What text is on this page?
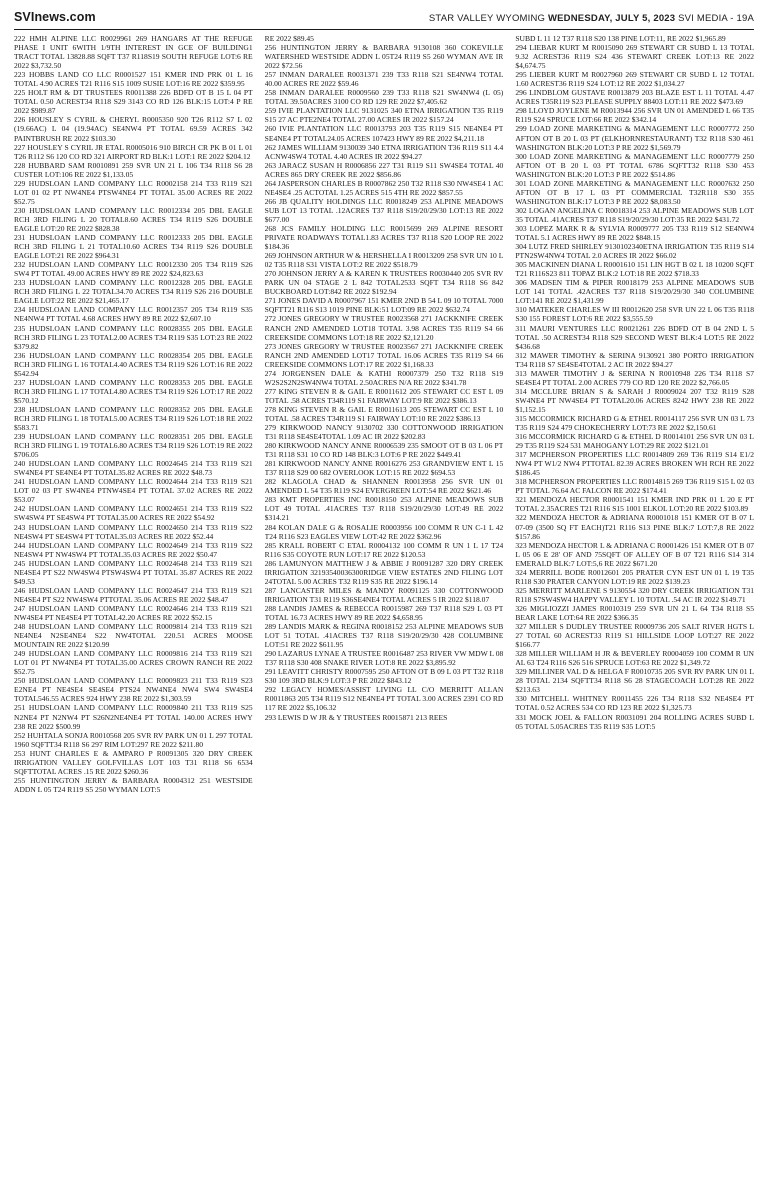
SVInews.com	STAR VALLEY WYOMING WEDNESDAY, JULY 5, 2023 SVI MEDIA - 19A

222 HMH ALPINE LLC R0029961 269 HANGARS AT THE REFUGE PHASE I UNIT 6WITH 1/9TH INTEREST IN GCE OF BUILDING1 TRACT TOTAL 13828.88 SQFT T37 R118S19 SOUTH REFUGE LOT:6 RE 2022 $3,732.50

223 HOBBS LAND CO LLC R0001527 151 KMER IND PRK 01 L 16 TOTAL 4.90 ACRES T21 R116 S15 1009 SUSIE LOT:16 RE 2022 $359.95

225 HOLT RM & DT TRUSTEES R0011388 226 BDFD OT B 15 L 04 PT TOTAL 0.50 ACREST34 R118 S29 3143 CO RD 126 BLK:15 LOT:4 P RE 2022 $989.87

226 HOUSLEY S CYRIL & CHERYL R0005350 920 T26 R112 S7 L 02 (19.66AC) L 04 (19.94AC) SE4NW4 PT TOTAL 69.59 ACRES 342 PAINTBRUSH RE 2022 $103.30

227 HOUSLEY S CYRIL JR ETAL R0005016 910 BIRCH CR PK B 01 L 01 T26 R112 S6 120 CO RD 321 AIRPORT RD BLK:1 LOT:1 RE 2022 $204.12

228 HUBBARD SAM R0010891 259 SVR UN 21 L 106 T34 R118 S6 28 CUSTER LOT:106 RE 2022 $1,133.05

229 HUDSLOAN LAND COMPANY LLC R0002158 214 T33 R119 S21 LOT 01 02 PT NW4NE4 PTSW4NE4 PT TOTAL 35.00 ACRES RE 2022 $52.75

230 HUDSLOAN LAND COMPANY LLC R0012334 205 DBL EAGLE RCH 3RD FILING L 20 TOTAL8.60 ACRES T34 R119 S26 DOUBLE EAGLE LOT:20 RE 2022 $828.38

231 HUDSLOAN LAND COMPANY LLC R0012333 205 DBL EAGLE RCH 3RD FILING L 21 TOTAL10.60 ACRES T34 R119 S26 DOUBLE EAGLE LOT:21 RE 2022 $964.31

232 HUDSLOAN LAND COMPANY LLC R0012330 205 T34 R119 S26 SW4 PT TOTAL 49.00 ACRES HWY 89 RE 2022 $24,823.63

233 HUDSLOAN LAND COMPANY LLC R0012328 205 DBL EAGLE RCH 3RD FILING L 22 TOTAL34.70 ACRES T34 R119 S26 216 DOUBLE EAGLE LOT:22 RE 2022 $21,465.17

234 HUDSLOAN LAND COMPANY LLC R0012357 205 T34 R119 S35 NE4NW4 PT TOTAL 4.68 ACRES HWY 89 RE 2022 $2,607.10

235 HUDSLOAN LAND COMPANY LLC R0028355 205 DBL EAGLE RCH 3RD FILING L 23 TOTAL2.00 ACRES T34 R119 S35 LOT:23 RE 2022 $379.82

236 HUDSLOAN LAND COMPANY LLC R0028354 205 DBL EAGLE RCH 3RD FILING L 16 TOTAL4.40 ACRES T34 R119 S26 LOT:16 RE 2022 $542.94

237 HUDSLOAN LAND COMPANY LLC R0028353 205 DBL EAGLE RCH 3RD FILING L 17 TOTAL4.80 ACRES T34 R119 S26 LOT:17 RE 2022 $570.12

238 HUDSLOAN LAND COMPANY LLC R0028352 205 DBL EAGLE RCH 3RD FILING L 18 TOTAL5.00 ACRES T34 R119 S26 LOT:18 RE 2022 $583.71

239 HUDSLOAN LAND COMPANY LLC R0028351 205 DBL EAGLE RCH 3RD FILING L 19 TOTAL6.80 ACRES T34 R119 S26 LOT:19 RE 2022 $706.05

240 HUDSLOAN LAND COMPANY LLC R0024645 214 T33 R119 S21 SW4NE4 PT SE4NE4 PT TOTAL35.82 ACRES RE 2022 $48.73

241 HUDSLOAN LAND COMPANY LLC R0024644 214 T33 R119 S21 LOT 02 03 PT SW4NE4 PTNW4SE4 PT TOTAL 37.02 ACRES RE 2022 $53.07

242 HUDSLOAN LAND COMPANY LLC R0024651 214 T33 R119 S22 SW4SW4 PT SE4SW4 PT TOTAL35.00 ACRES RE 2022 $54.92

243 HUDSLOAN LAND COMPANY LLC R0024650 214 T33 R119 S22 NE4SW4 PT SE4SW4 PT TOTAL35.03 ACRES RE 2022 $52.44

244 HUDSLOAN LAND COMPANY LLC R0024649 214 T33 R119 S22 NE4SW4 PT NW4SW4 PT TOTAL35.03 ACRES RE 2022 $50.47

245 HUDSLOAN LAND COMPANY LLC R0024648 214 T33 R119 S21 NE4SE4 PT S22 NW4SW4 PTSW4SW4 PT TOTAL 35.87 ACRES RE 2022 $49.53

246 HUDSLOAN LAND COMPANY LLC R0024647 214 T33 R119 S21 NE4SE4 PT S22 NW4SW4 PTTOTAL 35.06 ACRES RE 2022 $48.47

247 HUDSLOAN LAND COMPANY LLC R0024646 214 T33 R119 S21 NW4SE4 PT NE4SE4 PT TOTAL42.20 ACRES RE 2022 $52.15

248 HUDSLOAN LAND COMPANY LLC R0009814 214 T33 R119 S21 NE4NE4 N2SE4NE4 S22 NW4TOTAL 220.51 ACRES MOOSE MOUNTAIN RE 2022 $120.99

249 HUDSLOAN LAND COMPANY LLC R0009816 214 T33 R119 S21 LOT 01 PT NW4NE4 PT TOTAL35.00 ACRES CROWN RANCH RE 2022 $52.75

250 HUDSLOAN LAND COMPANY LLC R0009823 211 T33 R119 S23 E2NE4 PT NE4SE4 SE4SE4 PTS24 NW4NE4 NW4 SW4 SW4SE4 TOTAL546.55 ACRES 924 HWY 238 RE 2022 $1,303.59

251 HUDSLOAN LAND COMPANY LLC R0009840 211 T33 R119 S25 N2NE4 PT N2NW4 PT S26N2NE4NE4 PT TOTAL 140.00 ACRES HWY 238 RE 2022 $500.99

252 HUHTALA SONJA R0010568 205 SVR RV PARK UN 01 L 297 TOTAL 1960 SQFTT34 R118 S6 297 RIM LOT:297 RE 2022 $211.80

253 HUNT CHARLES E & AMPARO P R0091305 320 DRY CREEK IRRIGATION VALLEY GOLFVILLAS LOT 103 T31 R118 S6 6534 SQFTTOTAL ACRES .15 RE 2022 $260.36

255 HUNTINGTON JERRY & BARBARA R0004312 251 WESTSIDE ADDN L 05 T24 R119 S5 250 WYMAN LOT:5

RE 2022 $89.45

256 HUNTINGTON JERRY & BARBARA 9130108 360 COKEVILLE WATERSHED WESTSIDE ADDN L 05T24 R119 S5 260 WYMAN AVE IR 2022 $72.56

257 INMAN DARALEE R0031371 239 T33 R118 S21 SE4NW4 TOTAL 40.00 ACRES RE 2022 $59.46

258 INMAN DARALEE R0009560 239 T33 R118 S21 SW4NW4 (L 05) TOTAL 39.50ACRES 3100 CO RD 129 RE 2022 $7,405.62

259 IVIE PLANTATION LLC 9131025 340 ETNA IRRIGATION T35 R119 S15 27 AC PTE2NE4 TOTAL 27.00 ACRES IR 2022 $157.24

260 IVIE PLANTATION LLC R0013793 203 T35 R119 S15 NE4NE4 PT SE4NE4 PT TOTAL24.05 ACRES 107423 HWY 89 RE 2022 $4,211.18

262 JAMES WILLIAM 9130039 340 ETNA IRRIGATION T36 R119 S11 4.4 ACNW4SW4 TOTAL 4.40 ACRES IR 2022 $94.27

263 JARACZ SUSAN H R0006856 227 T31 R119 S11 SW4SE4 TOTAL 40 ACRES 865 DRY CREEK RE 2022 $856.86

264 JASPERSON CHARLES B R0007862 250 T32 R118 S30 NW4SE4 1 AC NE4SE4 .25 ACTOTAL 1.25 ACRES 515 4TH RE 2022 $857.55

266 JB QUALITY HOLDINGS LLC R0018249 253 ALPINE MEADOWS SUB LOT 13 TOTAL .12ACRES T37 R118 S19/20/29/30 LOT:13 RE 2022 $677.00

268 JCS FAMILY HOLDING LLC R0015699 269 ALPINE RESORT PRIVATE ROADWAYS TOTAL1.83 ACRES T37 R118 S20 LOOP RE 2022 $184.36

269 JOHNSON ARTHUR W & HERSHELLA I R0013209 258 SVR UN 10 L 02 T35 R118 S31 VISTA LOT:2 RE 2022 $518.79

270 JOHNSON JERRY A & KAREN K TRUSTEES R0030440 205 SVR RV PARK UN 04 STAGE 2 L 842 TOTAL2533 SQFT T34 R118 S6 842 BUCKBOARD LOT:842 RE 2022 $192.94

271 JONES DAVID A R0007967 151 KMER 2ND B 54 L 09 10 TOTAL 7000 SQFTT21 R116 S13 1019 PINE BLK:51 LOT:09 RE 2022 $632.74

272 JONES GREGORY W TRUSTEE R0023568 271 JACKKNIFE CREEK RANCH 2ND AMENDED LOT18 TOTAL 3.98 ACRES T35 R119 S4 66 CREEKSIDE COMMONS LOT:18 RE 2022 $2,121.20

273 JONES GREGORY W TRUSTEE R0023567 271 JACKKNIFE CREEK RANCH 2ND AMENDED LOT17 TOTAL 16.06 ACRES T35 R119 S4 66 CREEKSIDE COMMONS LOT:17 RE 2022 $1,168.33

274 JORGENSEN DALE & KATHI R0007379 250 T32 R118 S19 W2S2S2N2SW4NW4 TOTAL 2.50ACRES N/A RE 2022 $341.78

277 KING STEVEN R & GAIL E R0011612 205 STEWART CC EST L 09 TOTAL .58 ACRES T34R119 S1 FAIRWAY LOT:9 RE 2022 $386.13

278 KING STEVEN R & GAIL E R0011613 205 STEWART CC EST L 10 TOTAL .58 ACRES T34R119 S1 FAIRWAY LOT:10 RE 2022 $386.13

279 KIRKWOOD NANCY 9130702 330 COTTONWOOD IRRIGATION T31 R118 SE4SE4TOTAL 1.09 AC IR 2022 $202.83

280 KIRKWOOD NANCY ANNE R0006539 235 SMOOT OT B 03 L 06 PT T31 R118 S31 10 CO RD 148 BLK:3 LOT:6 P RE 2022 $449.41

281 KIRKWOOD NANCY ANNE R0016276 253 GRANDVIEW ENT L 15 T37 R118 S29 00 682 OVERLOOK LOT:15 RE 2022 $694.53

282 KLAGOLA CHAD & SHANNEN R0013958 256 SVR UN 01 AMENDED L 54 T35 R119 S24 EVERGREEN LOT:54 RE 2022 $621.46

283 KMT PROPERTIES INC R0018150 253 ALPINE MEADOWS SUB LOT 49 TOTAL .41ACRES T37 R118 S19/20/29/30 LOT:49 RE 2022 $314.21

284 KOLAN DALE G & ROSALIE R0003956 100 COMM R UN C-1 L 42 T24 R116 S23 EAGLES VIEW LOT:42 RE 2022 $362.96

285 KRALL ROBERT C ETAL R0004132 100 COMM R UN 1 L 17 T24 R116 S35 COYOTE RUN LOT:17 RE 2022 $120.53

286 LAMUNYON MATTHEW J & ABBIE J R0091287 320 DRY CREEK IRRIGATION 32193540036300RIDGE VIEW ESTATES 2ND FILING LOT 24TOTAL 5.00 ACRES T32 R119 S35 RE 2022 $196.14

287 LANCASTER MILES & MANDY R0091125 330 COTTONWOOD IRRIGATION T31 R119 S36SE4NE4 TOTAL ACRES 5 IR 2022 $118.07

288 LANDIS JAMES & REBECCA R0015987 269 T37 R118 S29 L 03 PT TOTAL 16.73 ACRES HWY 89 RE 2022 $4,658.95

289 LANDIS MARK & REGINA R0018152 253 ALPINE MEADOWS SUB LOT 51 TOTAL .41ACRES T37 R118 S19/20/29/30 428 COLUMBINE LOT:51 RE 2022 $611.95

290 LAZARUS LYNAE A TRUSTEE R0016487 253 RIVER VW MDW L 08 T37 R118 S30 408 SNAKE RIVER LOT:8 RE 2022 $3,895.92

291 LEAVITT CHRISTY R0007595 250 AFTON OT B 09 L 03 PT T32 R118 S30 109 3RD BLK:9 LOT:3 P RE 2022 $843.12

292 LEGACY HOMES/ASSIST LIVING LL C/O MERRITT ALLAN R0011863 205 T34 R119 S12 NE4NE4 PT TOTAL 3.00 ACRES 2391 CO RD 117 RE 2022 $5,106.32

293 LEWIS D W JR & Y TRUSTEES R0015871 213 REES

SUBD L 11 12 T37 R118 S20 138 PINE LOT:11, RE 2022 $1,965.89

294 LIEBAR KURT M R0015090 269 STEWART CR SUBD L 13 TOTAL 9.32 ACREST36 R119 S24 436 STEWART CREEK LOT:13 RE 2022 $4,674.75

295 LIEBER KURT M R0027960 269 STEWART CR SUBD L 12 TOTAL 1.60 ACREST36 R119 S24 LOT:12 RE 2022 $1,034.27

296 LINDBLOM GUSTAVE R0013879 203 BLAZE EST L 11 TOTAL 4.47 ACRES T35R119 S23 PLEASE SUPPLY 88403 LOT:11 RE 2022 $473.69

298 LLOYD JOYLENE M R0013944 256 SVR UN 01 AMENDED L 66 T35 R119 S24 SPRUCE LOT:66 RE 2022 $342.14

299 LOAD ZONE MARKETING & MANAGEMENT LLC R0007772 250 AFTON OT B 20 L 03 PT (ELKHORNRESTAURANT) T32 R118 S30 461 WASHINGTON BLK:20 LOT:3 P RE 2022 $1,569.79

300 LOAD ZONE MARKETING & MANAGEMENT LLC R0007779 250 AFTON OT B 20 L 03 PT TOTAL 6786 SQFTT32 R118 S30 453 WASHINGTON BLK:20 LOT:3 P RE 2022 $514.86

301 LOAD ZONE MARKETING & MANAGEMENT LLC R0007632 250 AFTON OT B 17 L 03 PT COMMERCIAL T32R118 S30 355 WASHINGTON BLK:17 LOT:3 P RE 2022 $8,083.50

302 LOGAN ANGELINA C R0018314 253 ALPINE MEADOWS SUB LOT 35 TOTAL .41ACRES T37 R118 S19/20/29/30 LOT:35 RE 2022 $431.72

303 LOPEZ MARK R & SYLVIA R0009777 205 T33 R119 S12 SE4NW4 TOTAL 5.1 ACRES HWY 89 RE 2022 $848.15

304 LUTZ FRED SHIRLEY 9130102340ETNA IRRIGATION T35 R119 S14 PTN2SW4NW4 TOTAL 2.0 ACRES IR 2022 $66.02

305 MACKINEN DIANA L R0001610 151 LIN HGT B 02 L 18 10200 SQFT T21 R116S23 811 TOPAZ BLK:2 LOT:18 RE 2022 $718.33

306 MADSEN TIM & PIPER R0018179 253 ALPINE MEADOWS SUB LOT 141 TOTAL .42ACRES T37 R118 S19/20/29/30 340 COLUMBINE LOT:141 RE 2022 $1,431.99

310 MATEKER CHARLES W III R0012620 258 SVR UN 22 L 06 T35 R118 S30 155 FOREST LOT:6 RE 2022 $3,555.59

311 MAURI VENTURES LLC R0021261 226 BDFD OT B 04 2ND L 5 TOTAL .50 ACREST34 R118 S29 SECOND WEST BLK:4 LOT:5 RE 2022 $436.68

312 MAWER TIMOTHY & SERINA 9130921 380 PORTO IRRIGATION T34 R118 S7 SE4SE4TOTAL 2 AC IR 2022 $94.27

313 MAWER TIMOTHY J & SERINA N R0010948 226 T34 R118 S7 SE4SE4 PT TOTAL 2.00 ACRES 779 CO RD 120 RE 2022 $2,766.05

314 MCCLURE BRIAN S & SARAH J R0009024 207 T32 R119 S28 SW4NE4 PT NW4SE4 PT TOTAL20.06 ACRES 8242 HWY 238 RE 2022 $1,152.15

315 MCCORMICK RICHARD G & ETHEL R0014117 256 SVR UN 03 L 73 T35 R119 S24 479 CHOKECHERRY LOT:73 RE 2022 $2,150.61

316 MCCORMICK RICHARD G & ETHEL D R0014101 256 SVR UN 03 L 29 T35 R119 S24 531 MAHOGANY LOT:29 RE 2022 $121.01

317 MCPHERSON PROPERTIES LLC R0014809 269 T36 R119 S14 E1/2 NW4 PT W1/2 NW4 PTTOTAL 82.39 ACRES BROKEN WH RCH RE 2022 $186.45

318 MCPHERSON PROPERTIES LLC R0014815 269 T36 R119 S15 L 02 03 PT TOTAL 76.64 AC FALCON RE 2022 $174.41

321 MENDOZA HECTOR R0001541 151 KMER IND PRK 01 L 20 E PT TOTAL 2.35ACRES T21 R116 S15 1001 ELKOL LOT:20 RE 2022 $103.89

322 MENDOZA HECTOR & ADRIANA R0001018 151 KMER OT B 07 L 07-09 (3500 SQ FT EACH)T21 R116 S13 PINE BLK:7 LOT:7,8 RE 2022 $157.86

323 MENDOZA HECTOR L & ADRIANA C R0001426 151 KMER OT B 07 L 05 06 E 28' OF AND 75SQFT OF ALLEY OF B 07 T21 R116 S14 314 EMERALD BLK:7 LOT:5,6 RE 2022 $671.20

324 MERRILL BODE R0012601 205 PRATER CYN EST UN 01 L 19 T35 R118 S30 PRATER CANYON LOT:19 RE 2022 $139.23

325 MERRITT MARLENE S 9130554 320 DRY CREEK IRRIGATION T31 R118 S7SW4SW4 HAPPY VALLEY L 10 TOTAL .54 AC IR 2022 $149.71

326 MIGLIOZZI JAMES R0010319 259 SVR UN 21 L 64 T34 R118 S5 BEAR LAKE LOT:64 RE 2022 $366.35

327 MILLER S DUDLEY TRUSTEE R0009736 205 SALT RIVER HGTS L 27 TOTAL 60 ACREST33 R119 S1 HILLSIDE LOOP LOT:27 RE 2022 $166.77

328 MILLER WILLIAM H JR & BEVERLEY R0004059 100 COMM R UN AL 63 T24 R116 S26 516 SPRUCE LOT:63 RE 2022 $1,349.72

329 MILLINER VAL D & HELGA F R0010735 205 SVR RV PARK UN 01 L 28 TOTAL 2134 SQFTT34 R118 S6 28 STAGECOACH LOT:28 RE 2022 $213.63

330 MITCHELL WHITNEY R0011455 226 T34 R118 S32 NE4SE4 PT TOTAL 0.52 ACRES 534 CO RD 123 RE 2022 $1,325.73

331 MOCK JOEL & FALLON R0031091 204 ROLLING ACRES SUBD L 05 TOTAL 5.05ACRES T35 R119 S35 LOT:5
